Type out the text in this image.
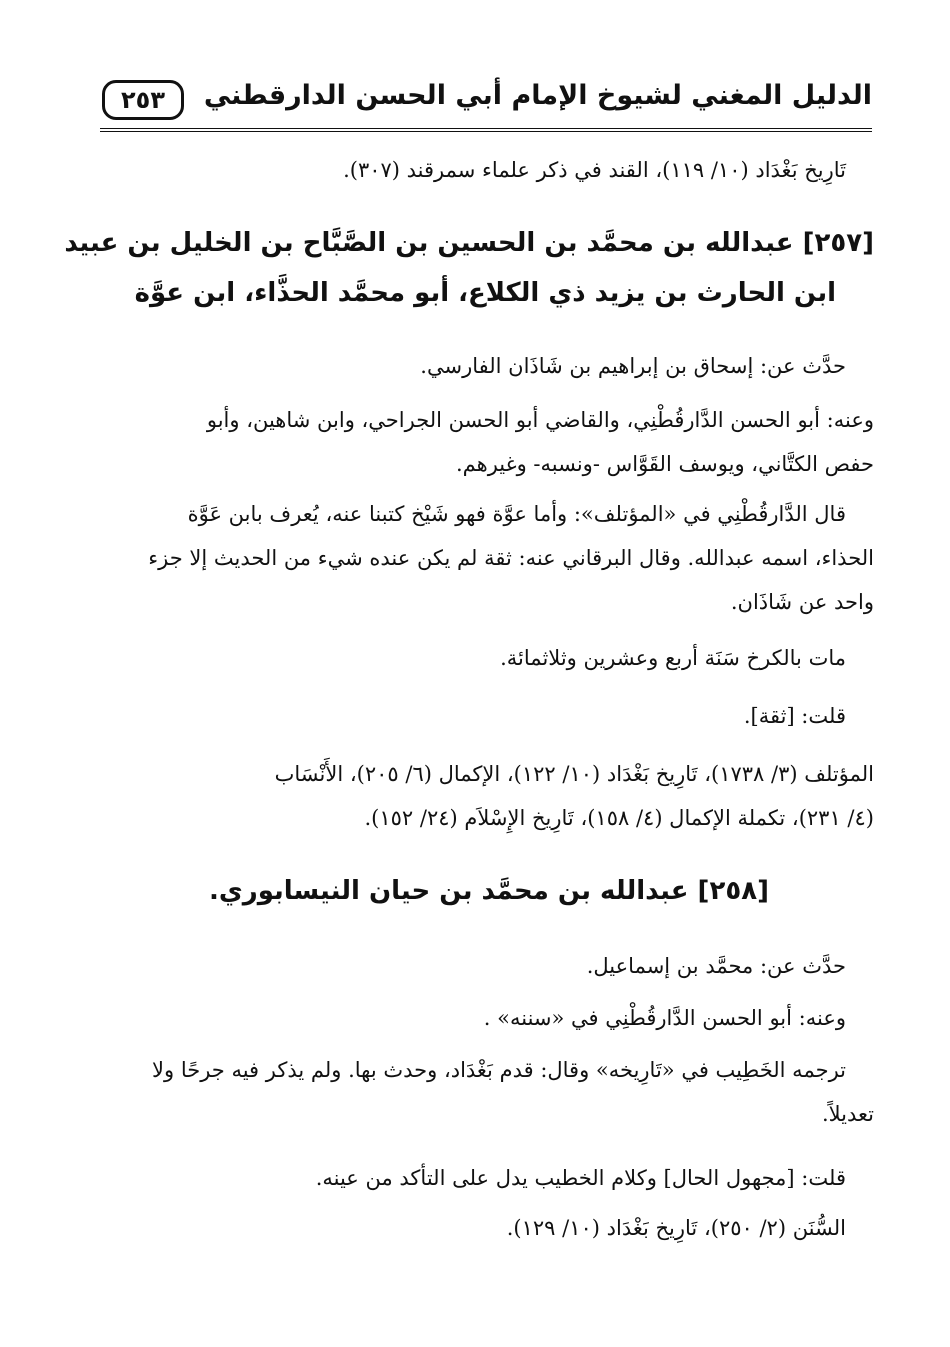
الدليل المغني لشيوخ الإمام أبي الحسن الدارقطني
٢٥٣
تَارِيخ بَغْدَاد (١٠/ ١١٩)، القند في ذكر علماء سمرقند (٣٠٧).
[٢٥٧] عبدالله بن محمَّد بن الحسين بن الصَّبَّاح بن الخليل بن عبيد
ابن الحارث بن يزيد ذي الكلاع، أبو محمَّد الحذَّاء، ابن عوَّة
حدَّث عن: إسحاق بن إبراهيم بن شَاذَان الفارسي.
وعنه: أبو الحسن الدَّارقُطْنِي، والقاضي أبو الحسن الجراحي، وابن شاهين، وأبو
حفص الكتَّاني، ويوسف القَوَّاس -ونسبه- وغيرهم.
قال الدَّارقُطْنِي في «المؤتلف»: وأما عوَّة فهو شَيْخ كتبنا عنه، يُعرف بابن عَوَّة
الحذاء، اسمه عبدالله. وقال البرقاني عنه: ثقة لم يكن عنده شيء من الحديث إلا جزء
واحد عن شَاذَان.
مات بالكرخ سَنَة أربع وعشرين وثلاثمائة.
قلت: [ثقة].
المؤتلف (٣/ ١٧٣٨)، تَارِيخ بَغْدَاد (١٠/ ١٢٢)، الإكمال (٦/ ٢٠٥)، الأَنْسَاب
(٤/ ٢٣١)، تكملة الإكمال (٤/ ١٥٨)، تَارِيخ الإِسْلاَم (٢٤/ ١٥٢).
[٢٥٨] عبدالله بن محمَّد بن حيان النيسابوري.
حدَّث عن: محمَّد بن إسماعيل.
وعنه: أبو الحسن الدَّارقُطْنِي في «سننه» .
ترجمه الخَطِيب في «تَارِيخه» وقال: قدم بَغْدَاد، وحدث بها. ولم يذكر فيه جرحًا ولا
تعديلاً.
قلت: [مجهول الحال] وكلام الخطيب يدل على التأكد من عينه.
السُّنَن (٢/ ٢٥٠)، تَارِيخ بَغْدَاد (١٠/ ١٢٩).
